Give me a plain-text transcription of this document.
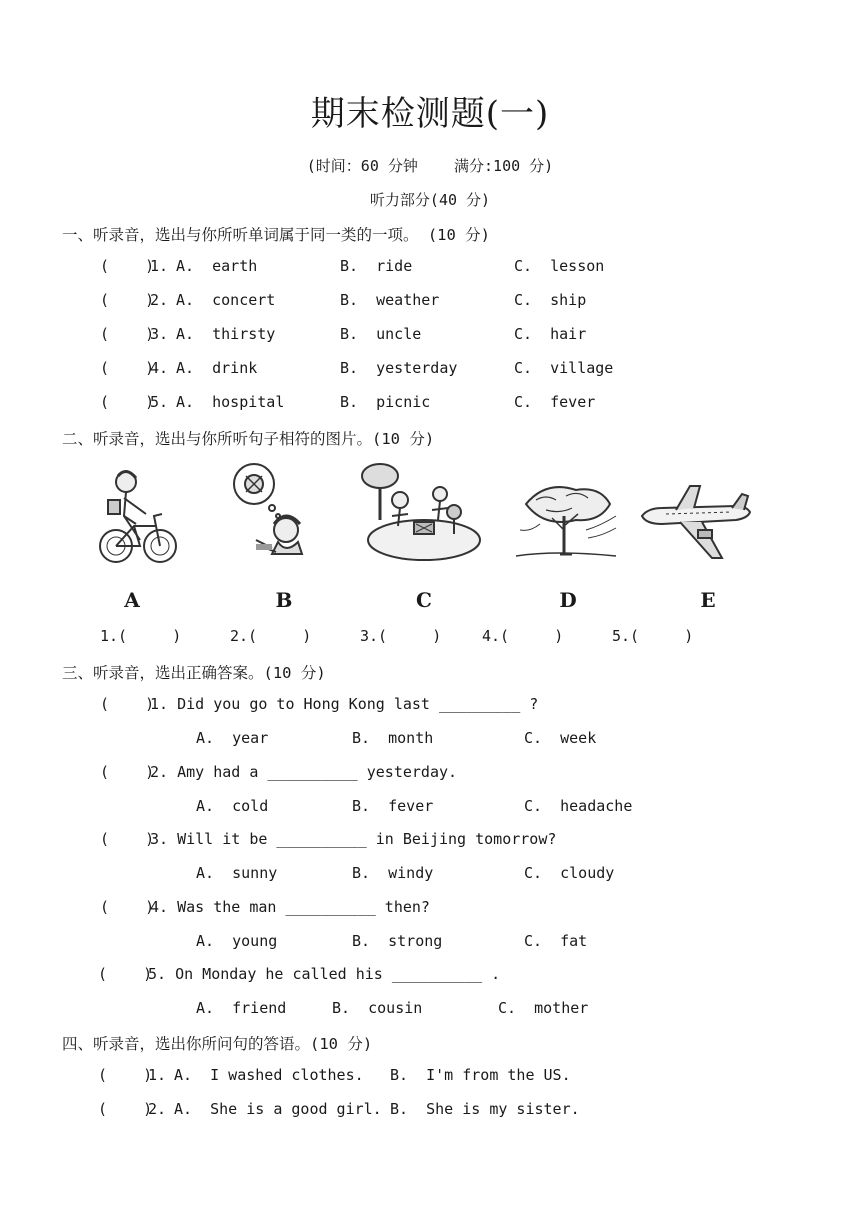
期末检测题(一)
(时间：60 分钟    满分:100 分)
听力部分(40 分)
一、听录音，选出与你所听单词属于同一类的一项。 (10 分)
(    )
1. A.  earth	B.  ride	C.  lesson
(    )
2. A.  concert	B.  weather	C.  ship
(    )
3. A.  thirsty	B.  uncle	C.  hair
(    )
4. A.  drink	B.  yesterday	C.  village
(    )
5. A.  hospital	B.  picnic	C.  fever
二、听录音，选出与你所听句子相符的图片。(10 分)
A	B	C	D	E
1.(     )	2.(     )	3.(     )	4.(     )	5.(     )
三、听录音，选出正确答案。(10 分)
(    )
1. Did you go to Hong Kong last _________ ?
A.  year	B.  month	C.  week
(    )
2. Amy had a __________ yesterday.
A.  cold	B.  fever	C.  headache
(    )
3. Will it be __________ in Beijing tomorrow?
A.  sunny	B.  windy	C.  cloudy
(    )
4. Was the man __________ then?
A.  young	B.  strong	C.  fat
(    )
5. On Monday he called his __________ .
A.  friend	B.  cousin	C.  mother
四、听录音，选出你所问句的答语。(10 分)
(    )
1. A.  I washed clothes. B.  I'm from the US.
(    )
2. A.  She is a good girl. B.  She is my sister.
